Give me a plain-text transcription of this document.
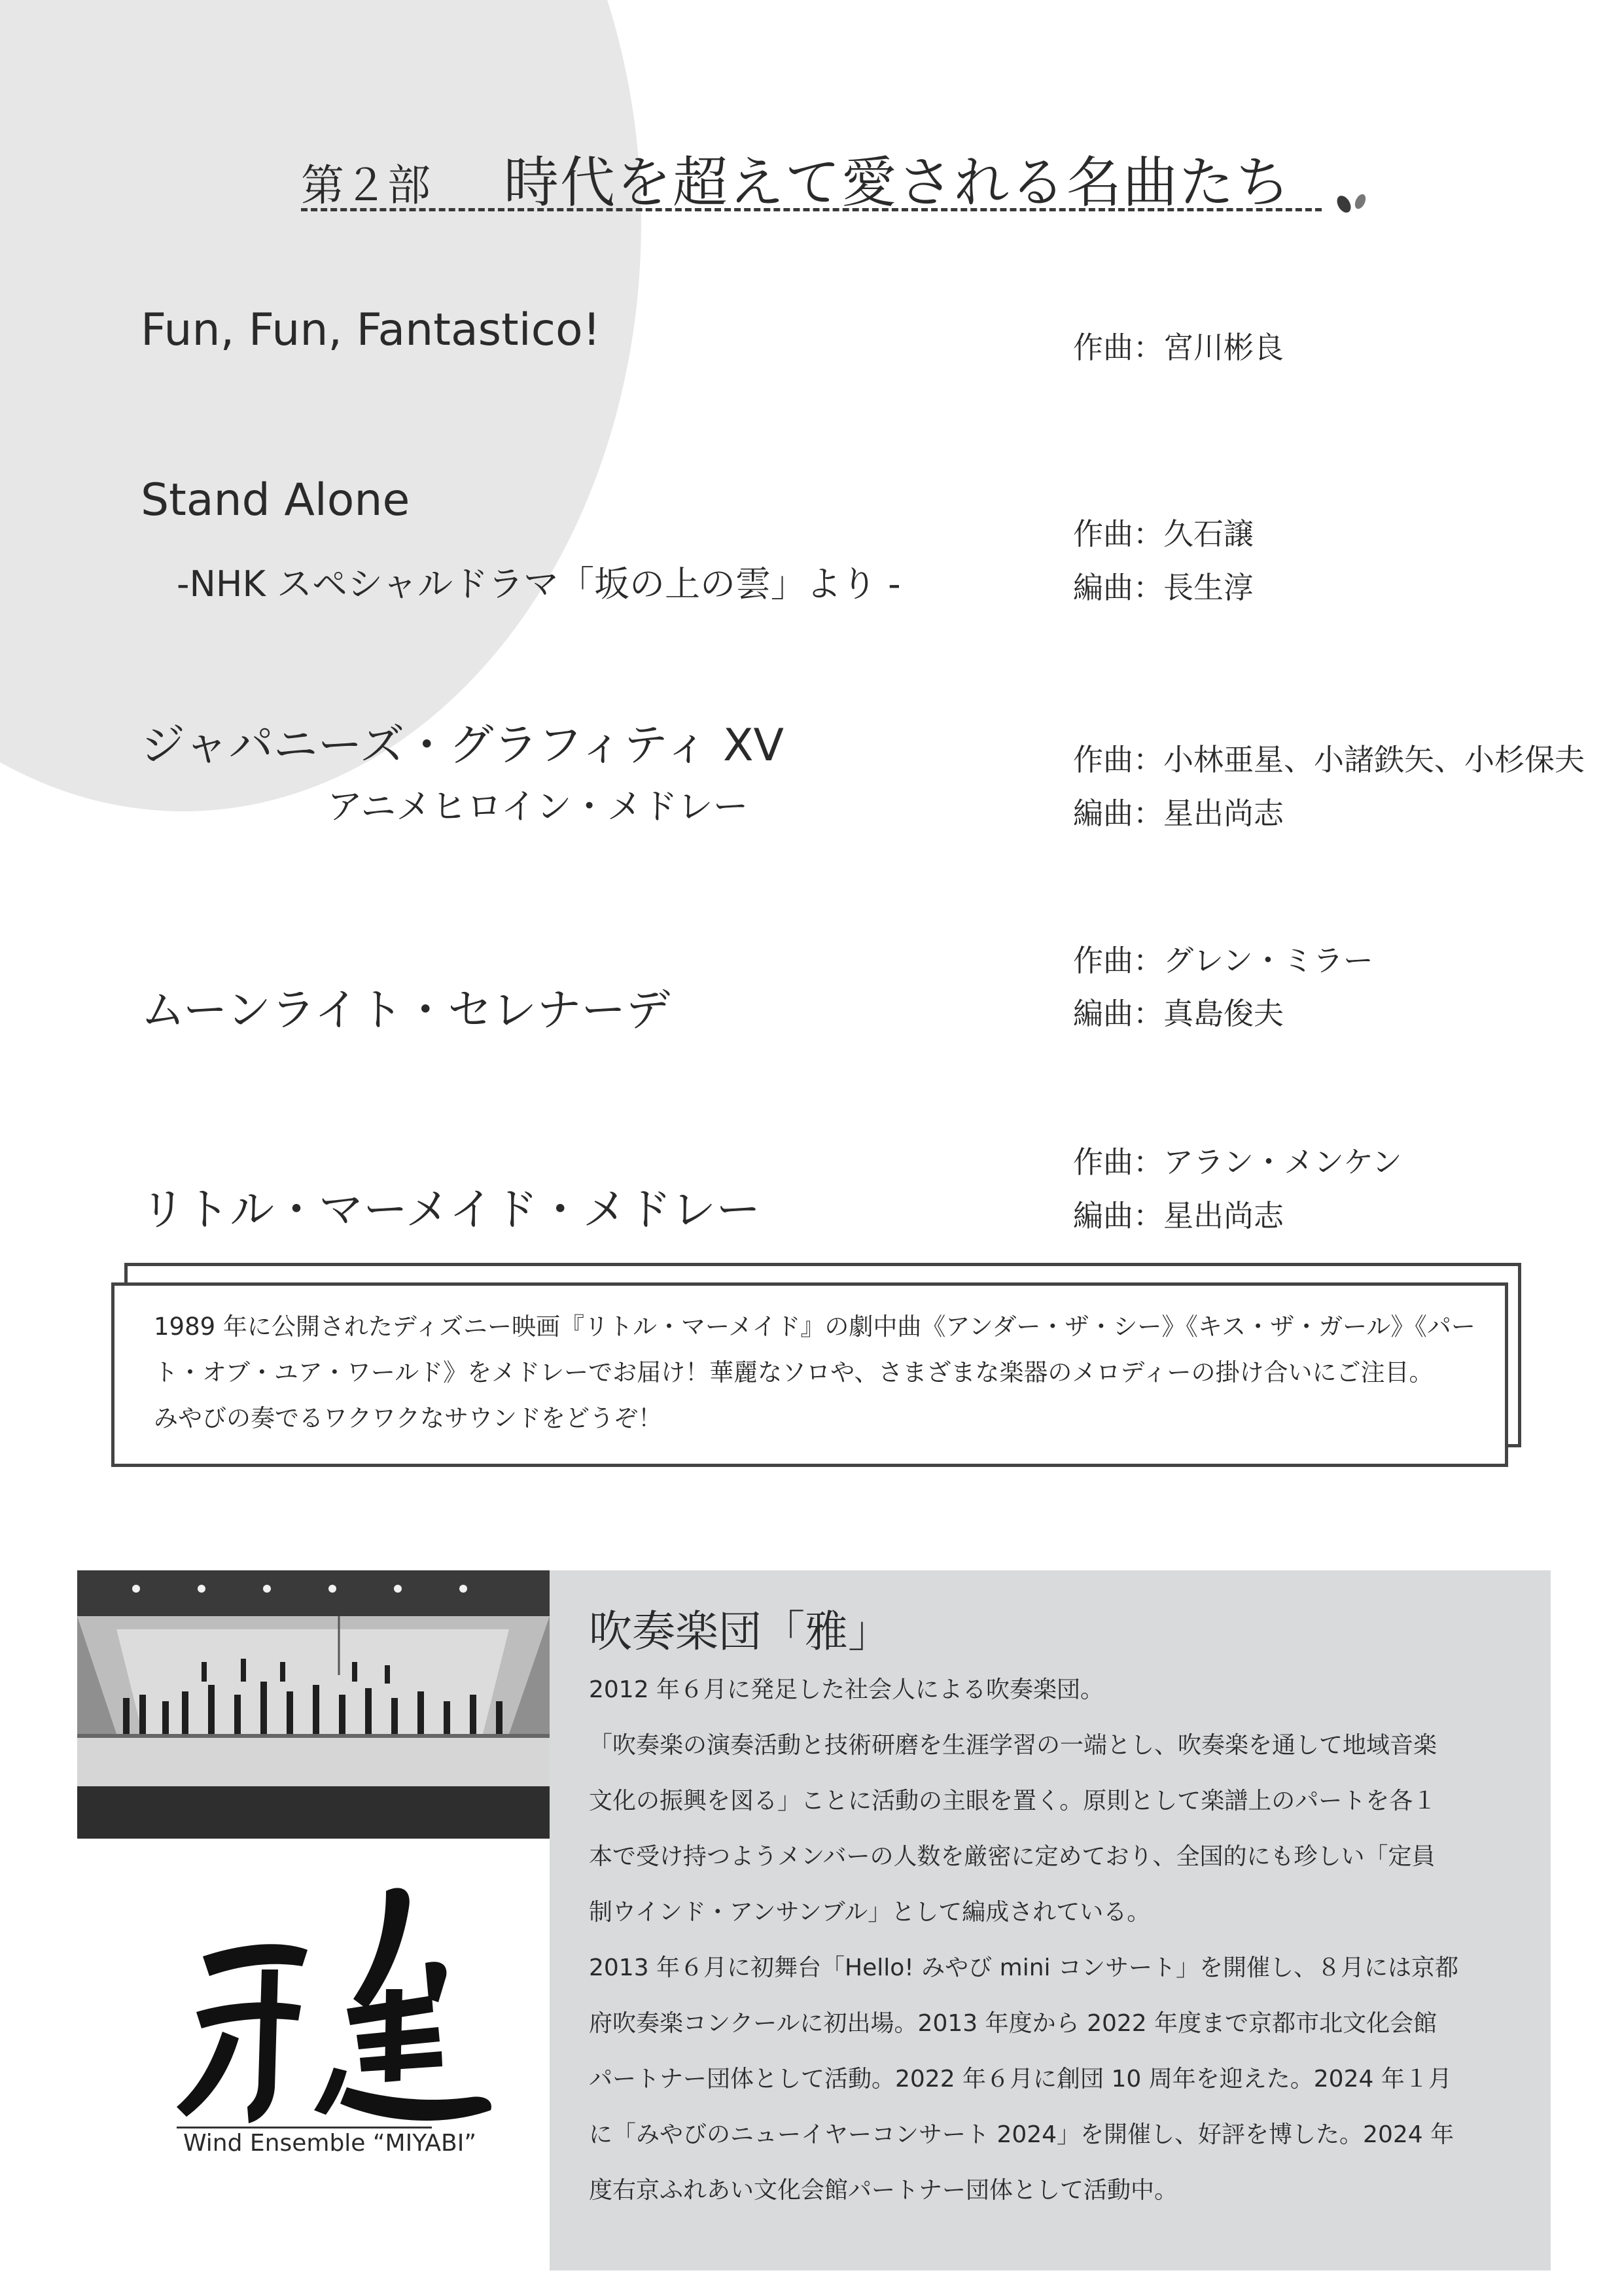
第２部 時代を超えて愛される名曲たち
Fun, Fun, Fantastico!	作曲：宮川彬良
Stand Alone
-NHK スペシャルドラマ「坂の上の雲」より -
作曲：久石譲
編曲：長生淳
ジャパニーズ・グラフィティ XV
アニメヒロイン・メドレー
作曲：小林亜星、小諸鉄矢、小杉保夫
編曲：星出尚志
ムーンライト・セレナーデ
作曲：グレン・ミラー
編曲：真島俊夫
リトル・マーメイド・メドレー
作曲：アラン・メンケン
編曲：星出尚志
1989 年に公開されたディズニー映画『リトル・マーメイド』の劇中曲《アンダー・ザ・シー》《キス・ザ・ガール》《パー
ト・オブ・ユア・ワールド》をメドレーでお届け！華麗なソロや、さまざまな楽器のメロディーの掛け合いにご注目。
みやびの奏でるワクワクなサウンドをどうぞ！
吹奏楽団「雅」

2012 年６月に発足した社会人による吹奏楽団。

「吹奏楽の演奏活動と技術研磨を生涯学習の一端とし、吹奏楽を通して地域音楽

文化の振興を図る」ことに活動の主眼を置く。原則として楽譜上のパートを各１

本で受け持つようメンバーの人数を厳密に定めており、全国的にも珍しい「定員

制ウインド・アンサンブル」として編成されている。

2013 年６月に初舞台「Hello! みやび mini コンサート」を開催し、８月には京都

府吹奏楽コンクールに初出場。2013 年度から 2022 年度まで京都市北文化会館

パートナー団体として活動。2022 年６月に創団 10 周年を迎えた。2024 年１月

に「みやびのニューイヤーコンサート 2024」を開催し、好評を博した。2024 年

度右京ふれあい文化会館パートナー団体として活動中。

Wind Ensemble “MIYABI”
